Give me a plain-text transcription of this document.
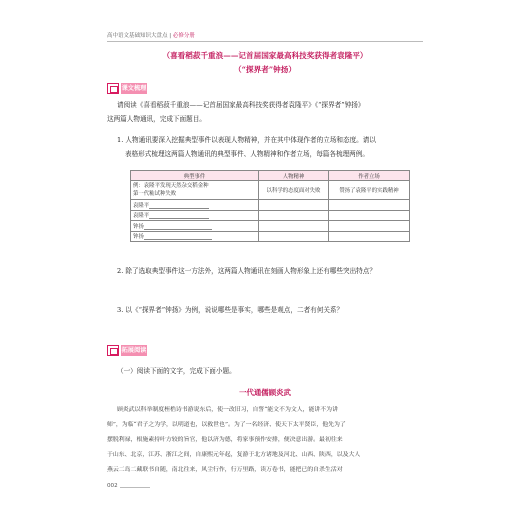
高中语文基础知识大盘点 | 必修分册
（喜看稻菽千重浪——记首届国家最高科技奖获得者袁隆平）
（“探界者”钟扬）
课文梳理
请阅读《喜看稻菽千重浪——记首届国家最高科技奖获得者袁隆平》《“探界者”钟扬》
这两篇人物通讯，完成下面题目。
1. 人物通讯要深入挖掘典型事件以表现人物精神，并在其中体现作者的立场和态度。请以
表格形式梳理这两篇人物通讯的典型事件、人物精神和作者立场，每篇各梳理两例。
典型事件	人物精神	作者立场

例：袁隆平发现天然杂交稻金种
第一代籼试种失败	以科学的态度面对失败	赞扬了袁隆平的实践精神
袁隆平		
袁隆平		
钟扬		
钟扬		
2. 除了选取典型事件这一方法外，这两篇人物通讯在刻画人物形象上还有哪些突出特点？
3. 以《“探界者”钟扬》为例，说说哪些是事实，哪些是观点，二者有何关系？
拓展阅读
（一）阅读下面的文字，完成下面小题。
一代通儒顾炎武
顾炎武以科举制度桎梏诗书游说东后，使一改旧习，自誓“能文不为文人，能讲不为讲
师”，为临“君子之为学，以明道也，以救世也”。为了一名经济、使天下太平贤臣，他先为了
摆脱利禄，根施素持叶方较的旨官，他以济为德，将家事预作安排，便决意出游。最初往来
于山东、北京，江苏、浙江之间，自康熙元年起，复游于北方诸地及河北、山西、陕西，以及大人
燕云二岛二藏联书自随，南北往来，风尘行作，行万里路，读万卷书，能把已的自杀生活对
002
